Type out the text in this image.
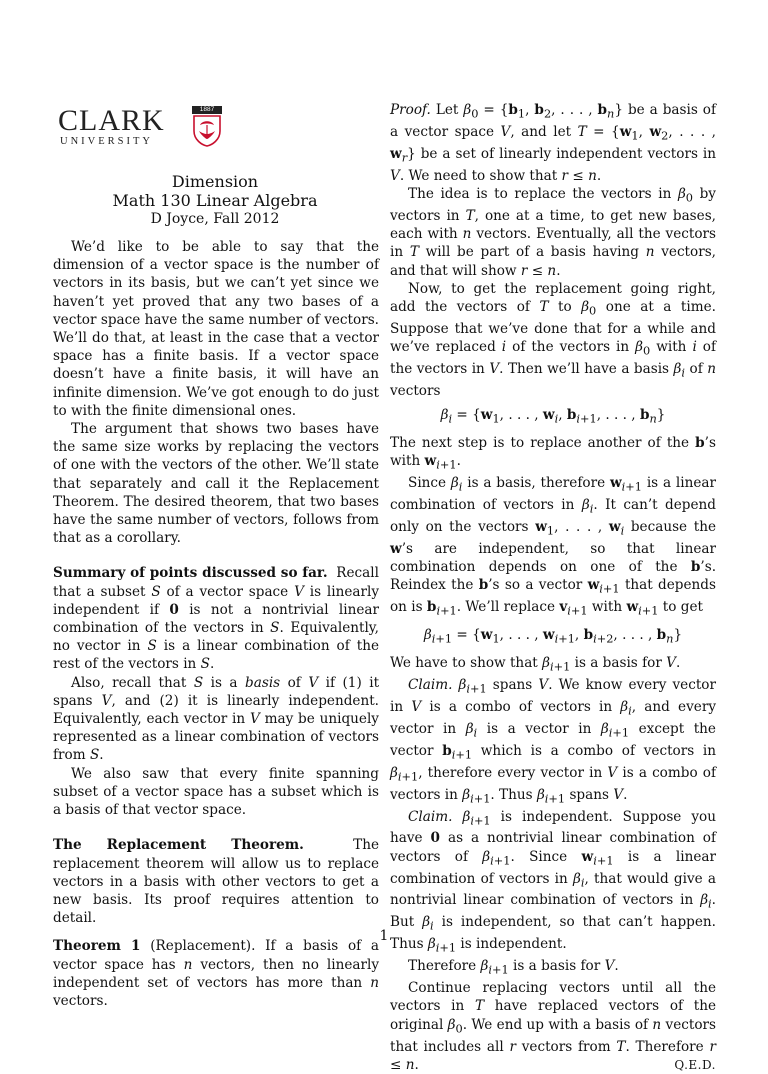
CLARK
UNIVERSITY
1887
Dimension
Math 130 Linear Algebra
D Joyce, Fall 2012

We’d like to be able to say that the dimension of a vector space is the number of vectors in its basis, but we can’t yet since we haven’t yet proved that any two bases of a vector space have the same number of vectors. We’ll do that, at least in the case that a vector space has a finite basis. If a vector space doesn’t have a finite basis, it will have an infinite dimension. We’ve got enough to do just to with the finite dimensional ones.

The argument that shows two bases have the same size works by replacing the vectors of one with the vectors of the other. We’ll state that separately and call it the Replacement Theorem. The desired theorem, that two bases have the same number of vectors, follows from that as a corollary.

Summary of points discussed so far. Recall that a subset S of a vector space V is linearly independent if 0 is not a nontrivial linear combination of the vectors in S. Equivalently, no vector in S is a linear combination of the rest of the vectors in S.

Also, recall that S is a basis of V if (1) it spans V, and (2) it is linearly independent. Equivalently, each vector in V may be uniquely represented as a linear combination of vectors from S.

We also saw that every finite spanning subset of a vector space has a subset which is a basis of that vector space.

The Replacement Theorem.	The replacement theorem will allow us to replace vectors in a basis with other vectors to get a new basis. Its proof requires attention to detail.

Theorem 1 (Replacement). If a basis of a vector space has n vectors, then no linearly independent set of vectors has more than n vectors.

Proof. Let $\beta_0 = \{b_1$, $b_2$, . . . , $b_n$} be a basis of a vector space V, and let $T = \{w_1$, $w_2$, . . . , $w_r$} be a set of linearly independent vectors in V. We need to show that r ≤ n.

The idea is to replace the vectors in $\beta_0$ by vectors in T, one at a time, to get new bases, each with n vectors. Eventually, all the vectors in T will be part of a basis having n vectors, and that will show r ≤ n.

Now, to get the replacement going right, add the vectors of T to $\beta_0$ one at a time. Suppose that we’ve done that for a while and we’ve replaced i of the vectors in $\beta_0$ with i of the vectors in V. Then we’ll have a basis $\beta_i$ of n vectors

$\beta_i = \{w_1$, . . . , $w_i$, $b_{i+1}$, . . . , $b_n$}

The next step is to replace another of the b’s with $w_{i+1}$.

Since $\beta_i$ is a basis, therefore $w_{i+1}$ is a linear combination of vectors in $\beta_i$. It can’t depend only on the vectors $w_1$, . . . , $w_i$ because the w’s are independent, so that linear combination depends on one of the b’s. Reindex the b’s so a vector $w_{i+1}$ that depends on is $b_{i+1}$. We’ll replace $v_{i+1}$ with $w_{i+1}$ to get

$\beta_{i+1} = \{w_1$, . . . , $w_{i+1}$, $b_{i+2}$, . . . , $b_n$}

We have to show that $\beta_{i+1}$ is a basis for V.

Claim. $\beta_{i+1}$ spans V. We know every vector in V is a combo of vectors in $\beta_i$, and every vector in $\beta_i$ is a vector in $\beta_{i+1}$ except the vector $b_{i+1}$ which is a combo of vectors in $\beta_{i+1}$, therefore every vector in V is a combo of vectors in $\beta_{i+1}$. Thus $\beta_{i+1}$ spans V.

Claim. $\beta_{i+1}$ is independent. Suppose you have 0 as a nontrivial linear combination of vectors of $\beta_{i+1}$. Since $w_{i+1}$ is a linear combination of vectors in $\beta_i$, that would give a nontrivial linear combination of vectors in $\beta_i$. But $\beta_i$ is independent, so that can’t happen. Thus $\beta_{i+1}$ is independent.

Therefore $\beta_{i+1}$ is a basis for V.

Continue replacing vectors until all the vectors in T have replaced vectors of the original $\beta_0$. We end up with a basis of n vectors that includes all r vectors from T. Therefore r ≤ n.	Q.E.D.

1
